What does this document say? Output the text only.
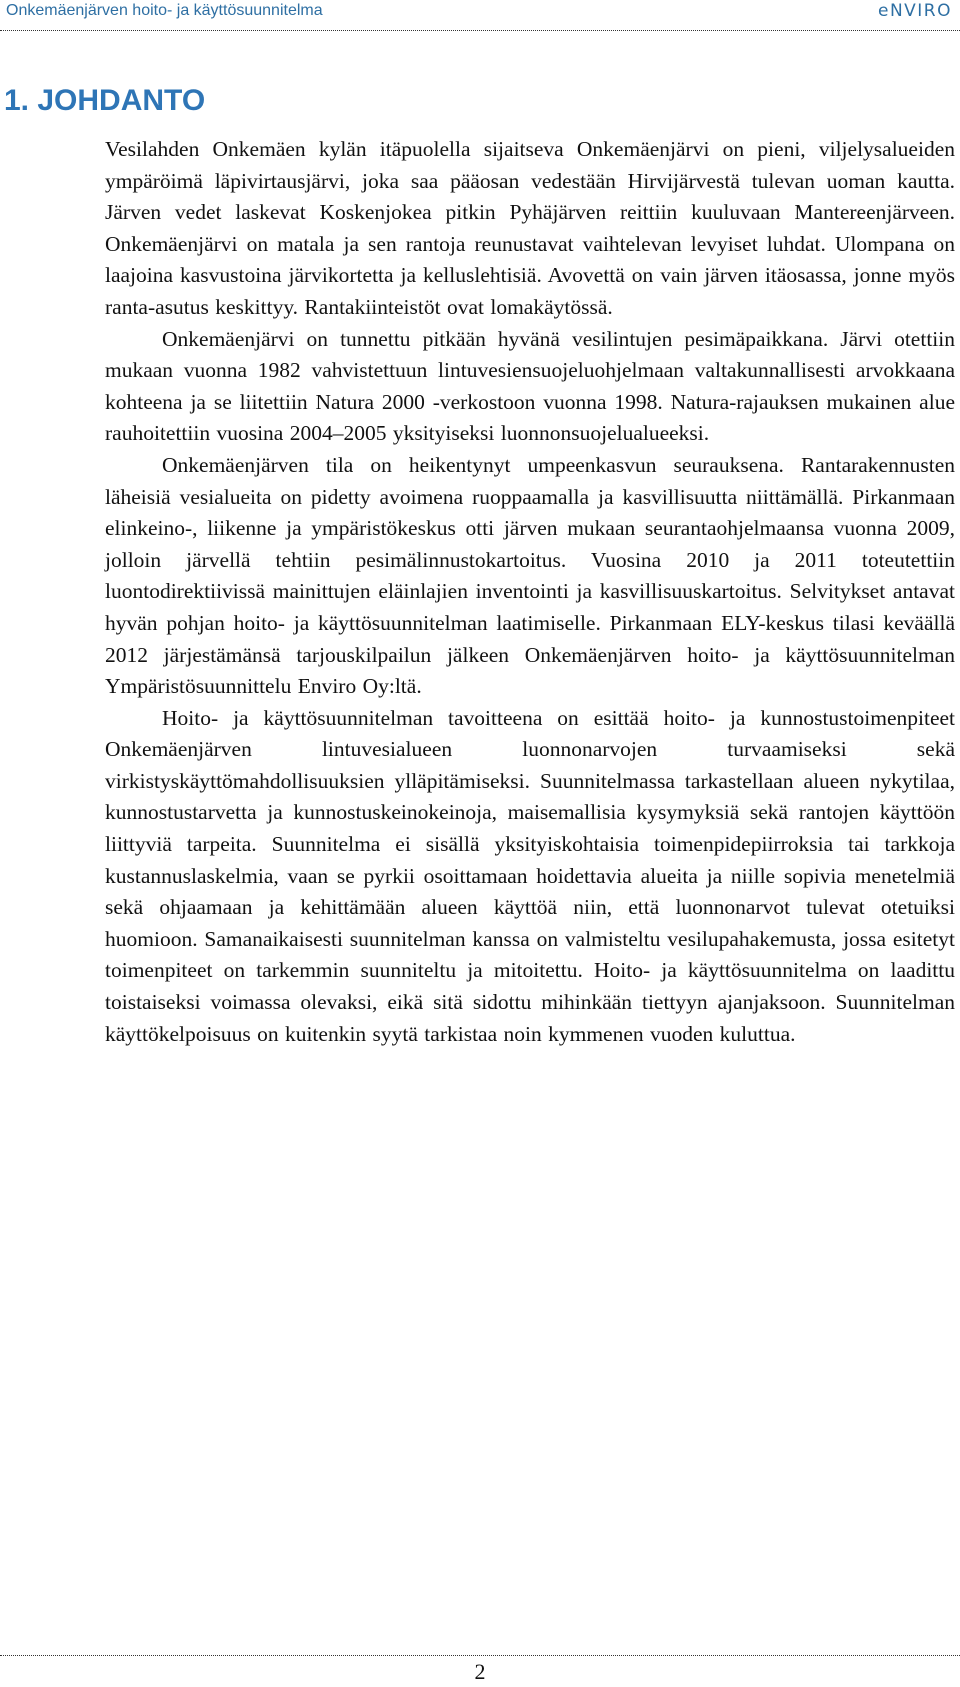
Onkemäenjärven hoito- ja käyttösuunnitelma	eNVIRO
1. JOHDANTO

Vesilahden Onkemäen kylän itäpuolella sijaitseva Onkemäenjärvi on pieni, viljelysalueiden ympäröimä läpivirtausjärvi, joka saa pääosan vedestään Hirvijärvestä tulevan uoman kautta. Järven vedet laskevat Koskenjokea pitkin Pyhäjärven reittiin kuuluvaan Mantereenjärveen. Onkemäenjärvi on matala ja sen rantoja reunustavat vaihtelevan levyiset luhdat. Ulompana on laajoina kasvustoina järvikortetta ja kelluslehtisiä. Avovettä on vain järven itäosassa, jonne myös ranta-asutus keskittyy. Rantakiinteistöt ovat lomakäytössä.

Onkemäenjärvi on tunnettu pitkään hyvänä vesilintujen pesimäpaikkana. Järvi otettiin mukaan vuonna 1982 vahvistettuun lintuvesiensuojeluohjelmaan valtakunnallisesti arvokkaana kohteena ja se liitettiin Natura 2000 -verkostoon vuonna 1998. Natura-rajauksen mukainen alue rauhoitettiin vuosina 2004–2005 yksityiseksi luonnonsuojelualueeksi.

Onkemäenjärven tila on heikentynyt umpeenkasvun seurauksena. Rantarakennusten läheisiä vesialueita on pidetty avoimena ruoppaamalla ja kasvillisuutta niittämällä. Pirkanmaan elinkeino-, liikenne ja ympäristökeskus otti järven mukaan seurantaohjelmaansa vuonna 2009, jolloin järvellä tehtiin pesimälinnustokartoitus. Vuosina 2010 ja 2011 toteutettiin luontodirektiivissä mainittujen eläinlajien inventointi ja kasvillisuuskartoitus. Selvitykset antavat hyvän pohjan hoito- ja käyttösuunnitelman laatimiselle. Pirkanmaan ELY-keskus tilasi keväällä 2012 järjestämänsä tarjouskilpailun jälkeen Onkemäenjärven hoito- ja käyttösuunnitelman Ympäristösuunnittelu Enviro Oy:ltä.

Hoito- ja käyttösuunnitelman tavoitteena on esittää hoito- ja kunnostustoimenpiteet Onkemäenjärven lintuvesialueen luonnonarvojen turvaamiseksi sekä virkistyskäyttömahdollisuuksien ylläpitämiseksi. Suunnitelmassa tarkastellaan alueen nykytilaa, kunnostustarvetta ja kunnostuskeinokeinoja, maisemallisia kysymyksiä sekä rantojen käyttöön liittyviä tarpeita. Suunnitelma ei sisällä yksityiskohtaisia toimenpidepiirroksia tai tarkkoja kustannuslaskelmia, vaan se pyrkii osoittamaan hoidettavia alueita ja niille sopivia menetelmiä sekä ohjaamaan ja kehittämään alueen käyttöä niin, että luonnonarvot tulevat otetuiksi huomioon. Samanaikaisesti suunnitelman kanssa on valmisteltu vesilupahakemusta, jossa esitetyt toimenpiteet on tarkemmin suunniteltu ja mitoitettu. Hoito- ja käyttösuunnitelma on laadittu toistaiseksi voimassa olevaksi, eikä sitä sidottu mihinkään tiettyyn ajanjaksoon. Suunnitelman käyttökelpoisuus on kuitenkin syytä tarkistaa noin kymmenen vuoden kuluttua.

2
